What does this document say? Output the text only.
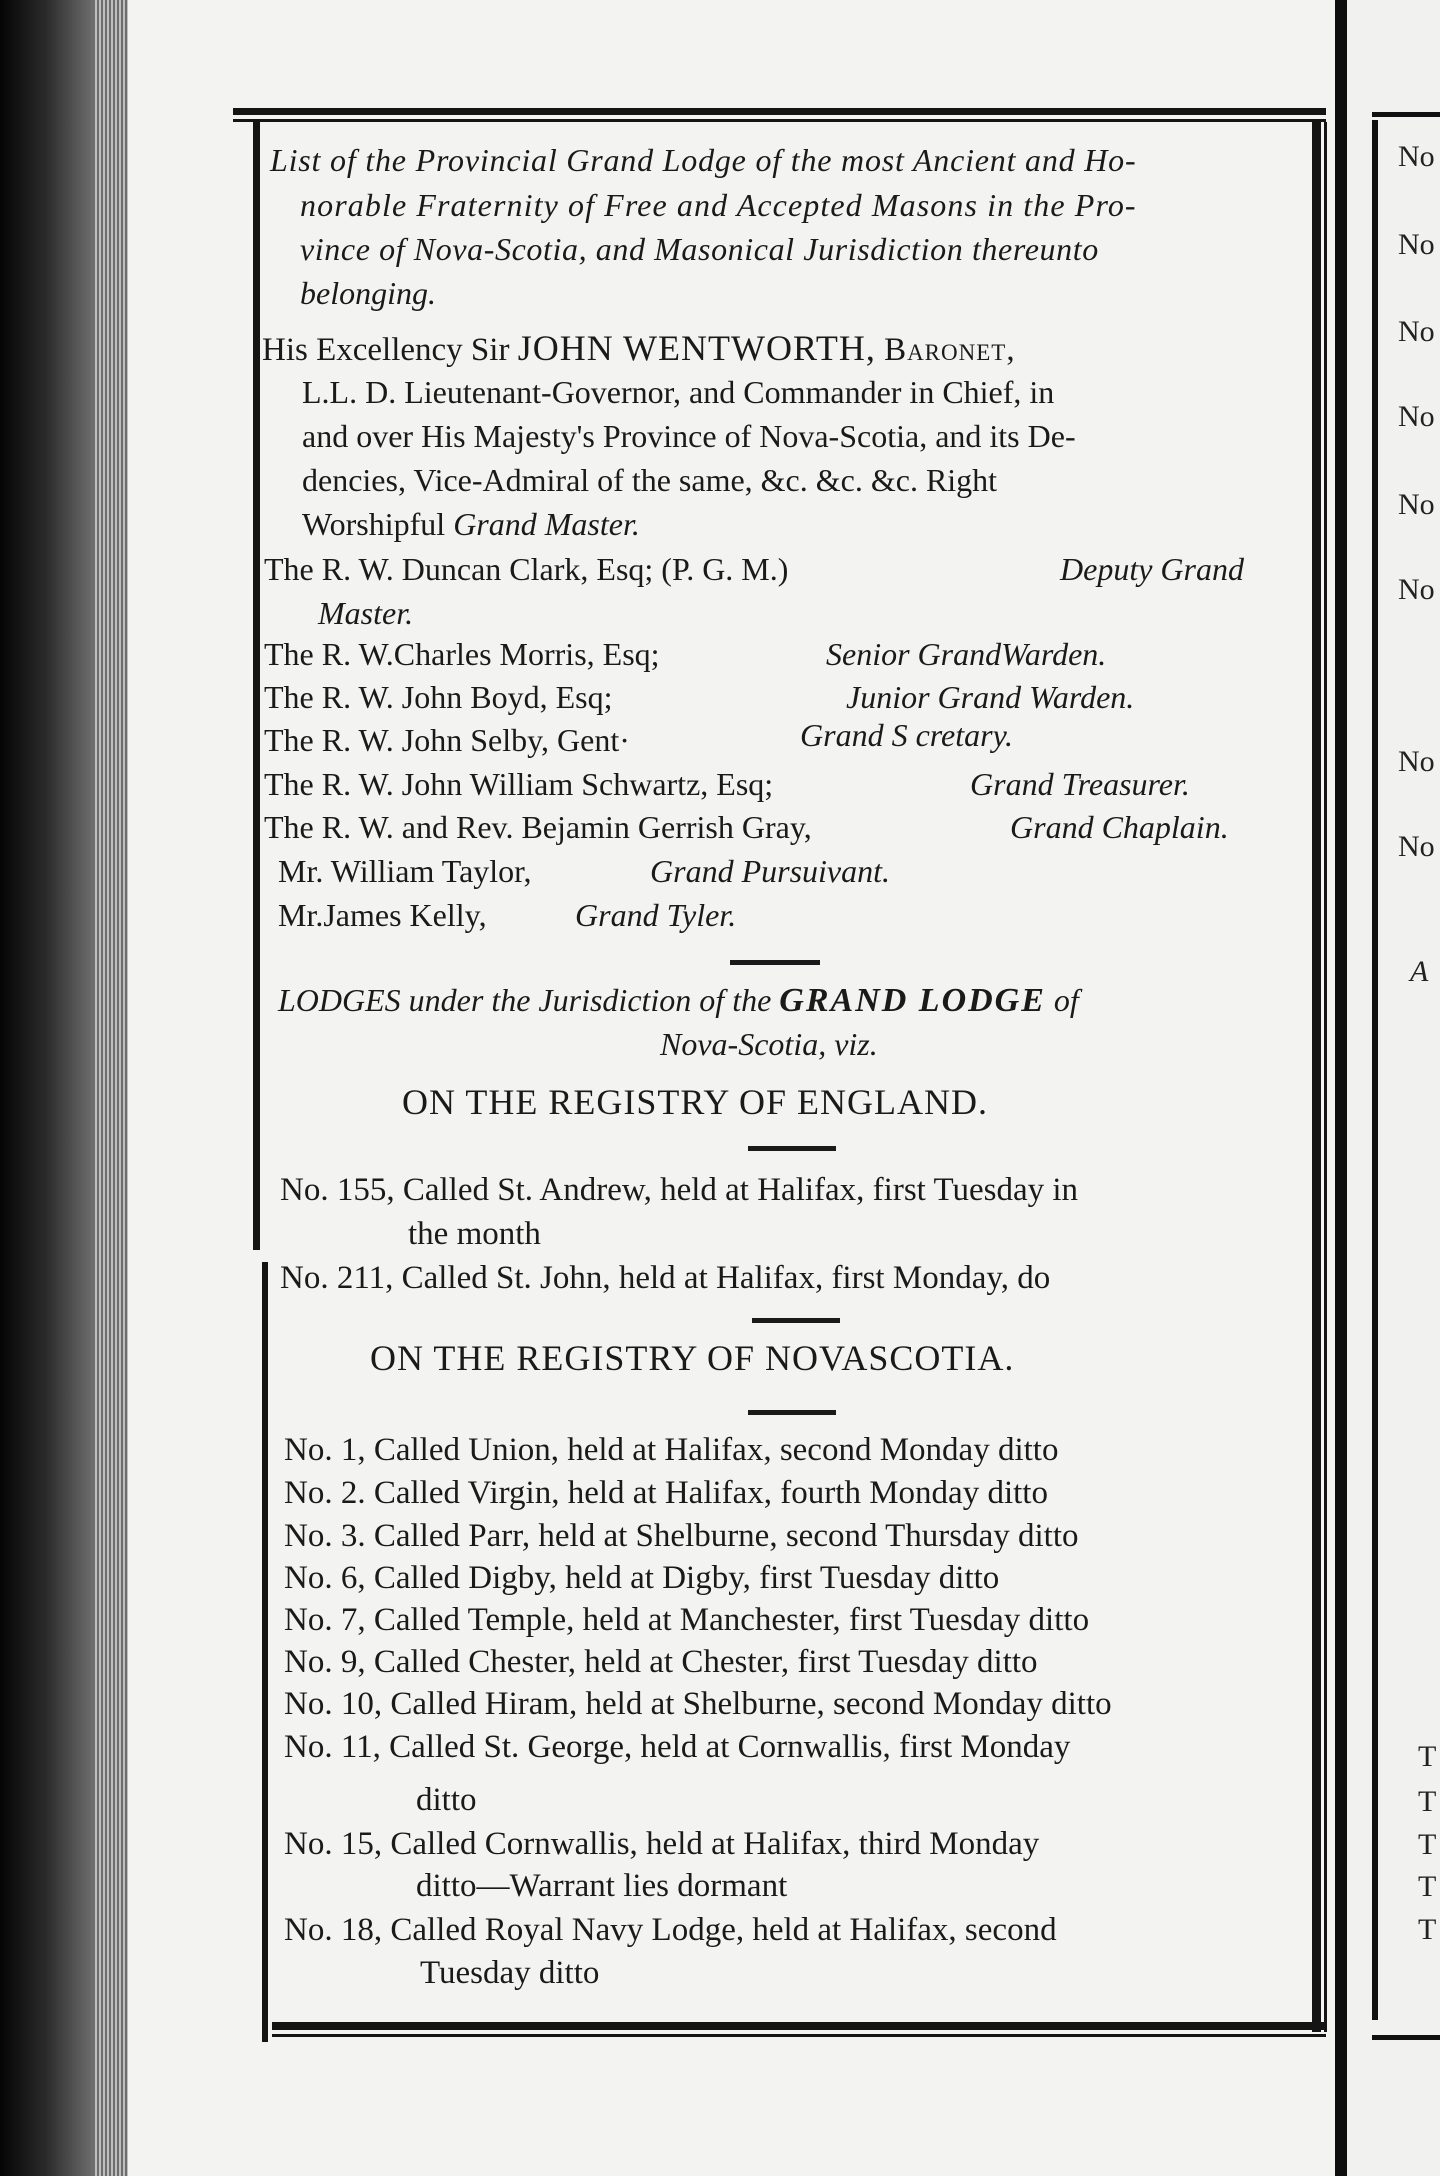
No
No
No
No
No
No
No
No
A
T
T
T
T
T
List of the Provincial Grand Lodge of the most Ancient and Ho-
norable Fraternity of Free and Accepted Masons in the Pro-
vince of Nova-Scotia, and Masonical Jurisdiction thereunto
belonging.
His Excellency Sir JOHN WENTWORTH, Baronet,
L.L. D. Lieutenant-Governor, and Commander in Chief, in
and over His Majesty's Province of Nova-Scotia, and its De-
dencies, Vice-Admiral of the same, &c. &c. &c. Right
Worshipful Grand Master.
The R. W. Duncan Clark, Esq; (P. G. M.)	Deputy Grand
Master.
The R. W.Charles Morris, Esq;	Senior GrandWarden.
The R. W. John Boyd, Esq;	Junior Grand Warden.
The R. W. John Selby, Gent·	Grand S cretary.
The R. W. John William Schwartz, Esq;	Grand Treasurer.
The R. W. and Rev. Bejamin Gerrish Gray,	Grand Chaplain.
Mr. William Taylor,	Grand Pursuivant.
Mr.James Kelly,	Grand Tyler.
LODGES under the Jurisdiction of the GRAND LODGE of
Nova-Scotia, viz.
ON THE REGISTRY OF ENGLAND.
No. 155, Called St. Andrew, held at Halifax, first Tuesday in
the month
No. 211, Called St. John, held at Halifax, first Monday, do
ON THE REGISTRY OF NOVASCOTIA.
No. 1, Called Union, held at Halifax, second Monday ditto
No. 2. Called Virgin, held at Halifax, fourth Monday ditto
No. 3. Called Parr, held at Shelburne, second Thursday ditto
No. 6, Called Digby, held at Digby, first Tuesday ditto
No. 7, Called Temple, held at Manchester, first Tuesday ditto
No. 9, Called Chester, held at Chester, first Tuesday ditto
No. 10, Called Hiram, held at Shelburne, second Monday ditto
No. 11, Called St. George, held at Cornwallis, first Monday
ditto
No. 15, Called Cornwallis, held at Halifax, third Monday
ditto—Warrant lies dormant
No. 18, Called Royal Navy Lodge, held at Halifax, second
Tuesday ditto
